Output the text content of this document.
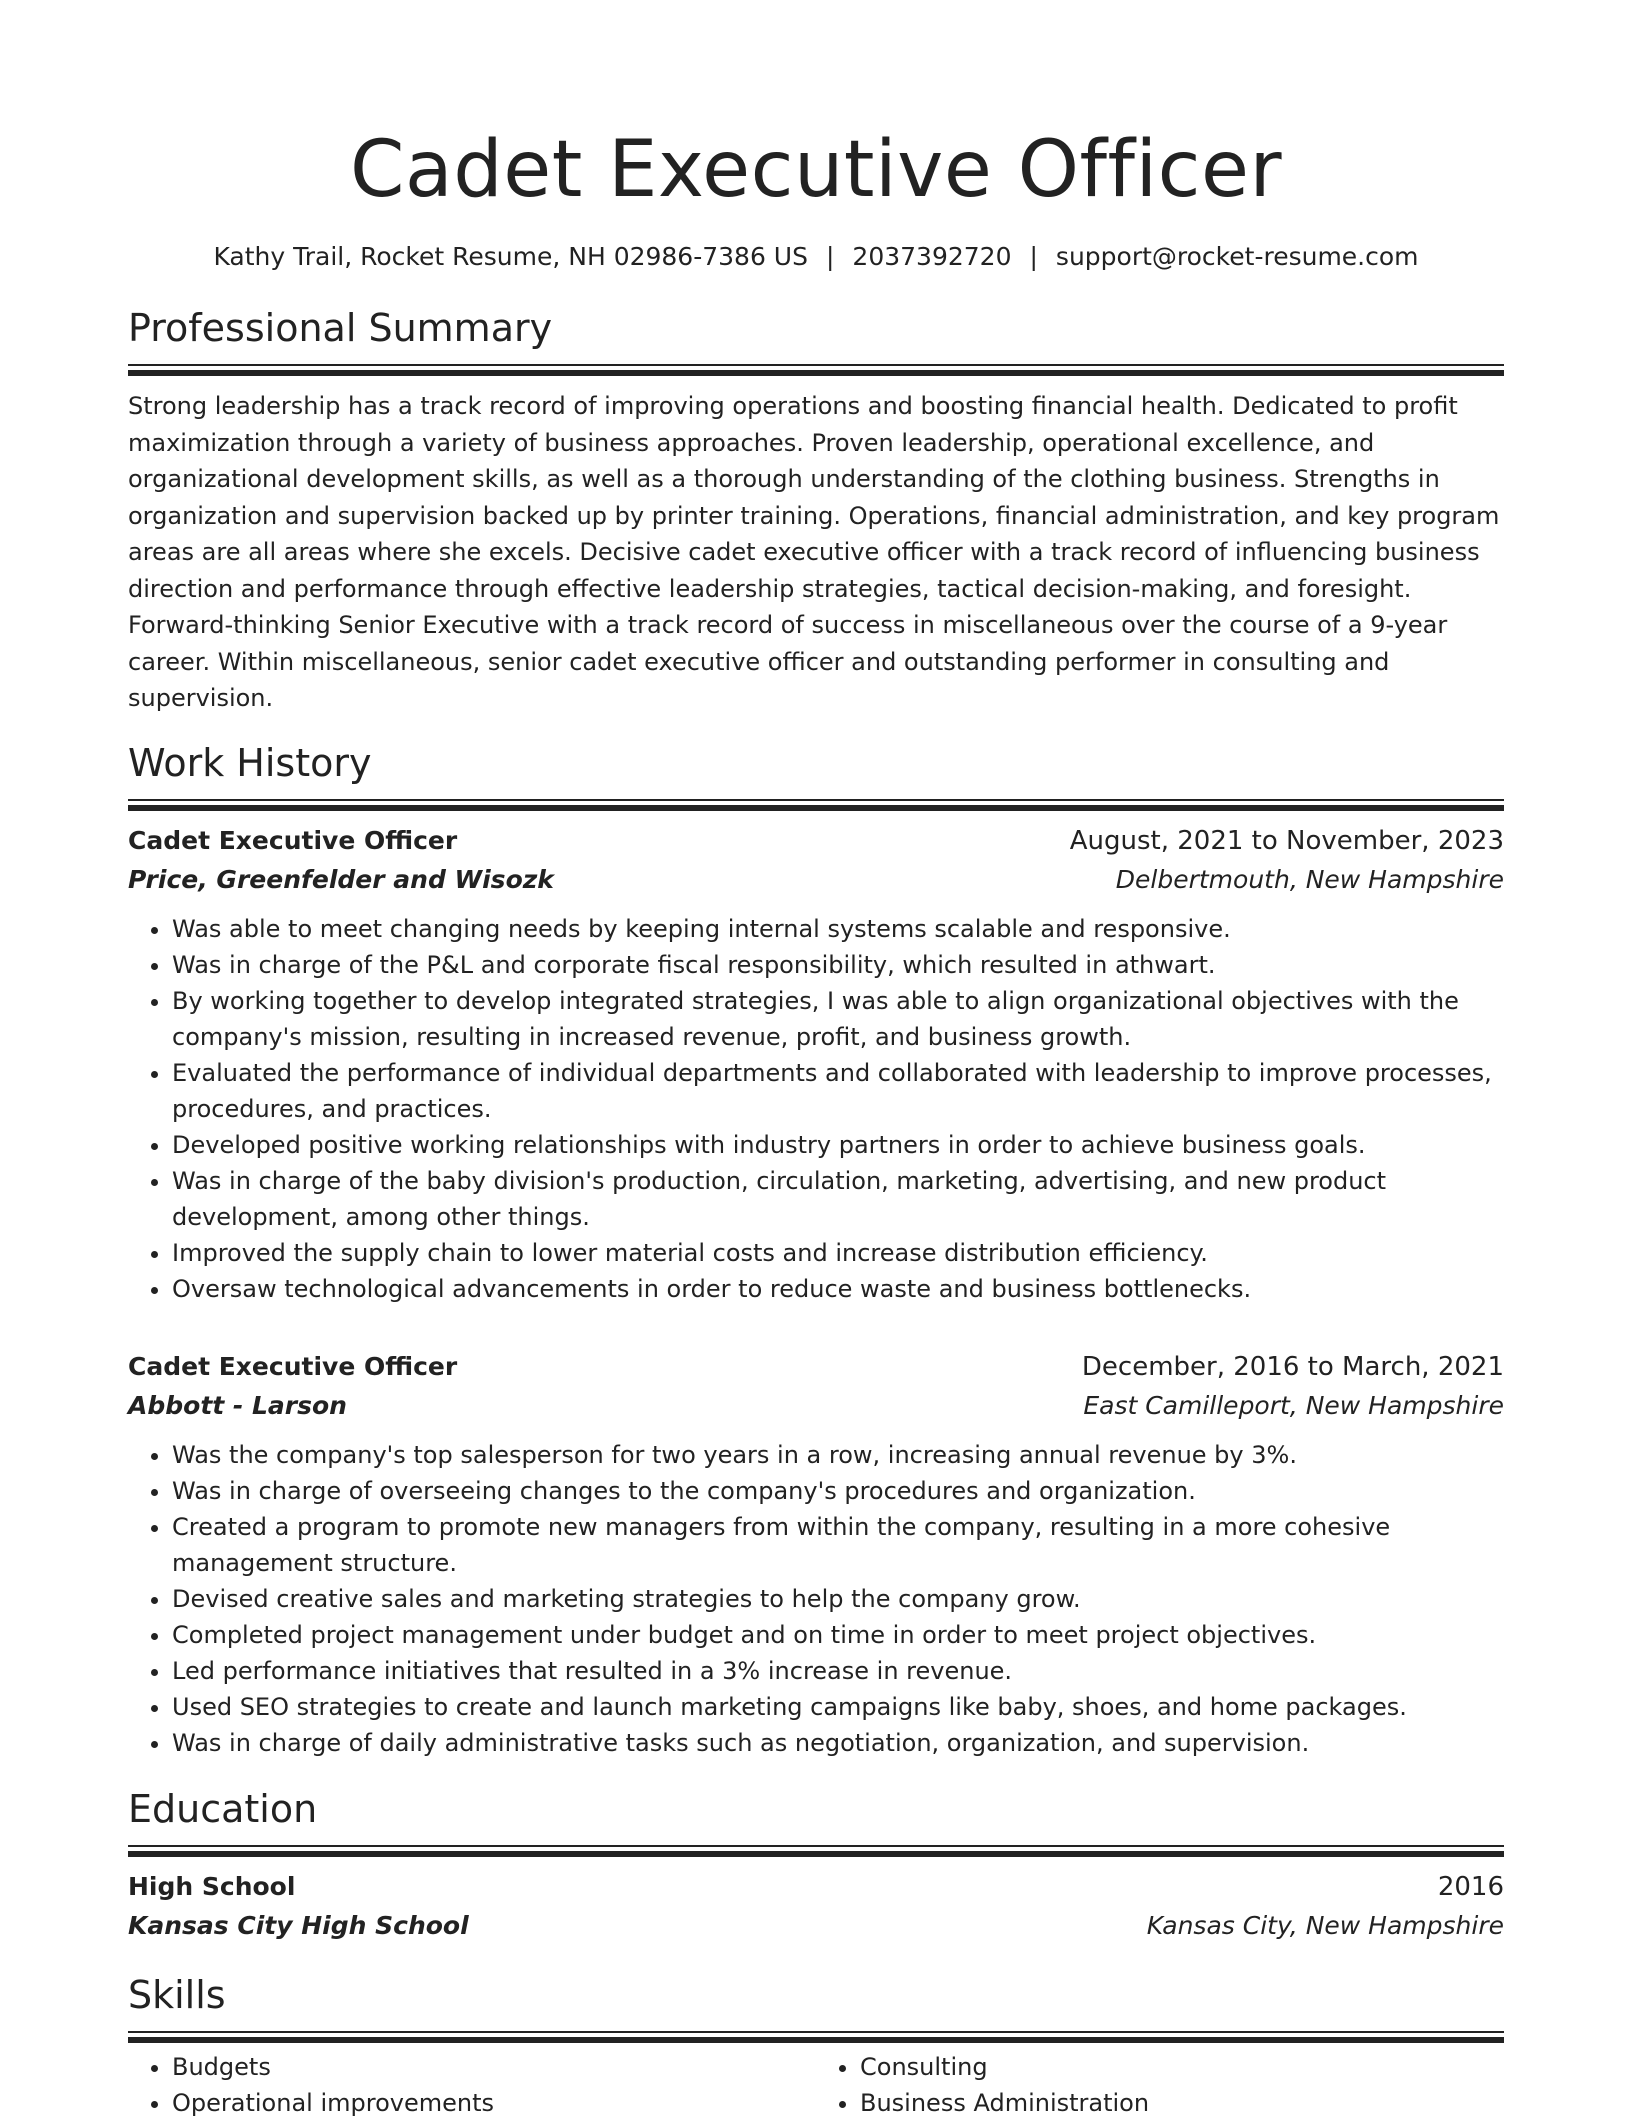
Cadet Executive Officer
Kathy Trail, Rocket Resume, NH 02986-7386 US | 2037392720 | support@rocket-resume.com
Professional Summary
Strong leadership has a track record of improving operations and boosting financial health. Dedicated to profit maximization through a variety of business approaches. Proven leadership, operational excellence, and organizational development skills, as well as a thorough understanding of the clothing business. Strengths in organization and supervision backed up by printer training. Operations, financial administration, and key program areas are all areas where she excels. Decisive cadet executive officer with a track record of influencing business direction and performance through effective leadership strategies, tactical decision-making, and foresight. Forward-thinking Senior Executive with a track record of success in miscellaneous over the course of a 9-year career. Within miscellaneous, senior cadet executive officer and outstanding performer in consulting and supervision.
Work History
Cadet Executive Officer	August, 2021 to November, 2023
Price, Greenfelder and Wisozk	Delbertmouth, New Hampshire
• Was able to meet changing needs by keeping internal systems scalable and responsive.
• Was in charge of the P&L and corporate fiscal responsibility, which resulted in athwart.
• By working together to develop integrated strategies, I was able to align organizational objectives with the company's mission, resulting in increased revenue, profit, and business growth.
• Evaluated the performance of individual departments and collaborated with leadership to improve processes, procedures, and practices.
• Developed positive working relationships with industry partners in order to achieve business goals.
• Was in charge of the baby division's production, circulation, marketing, advertising, and new product development, among other things.
• Improved the supply chain to lower material costs and increase distribution efficiency.
• Oversaw technological advancements in order to reduce waste and business bottlenecks.
Cadet Executive Officer	December, 2016 to March, 2021
Abbott - Larson	East Camilleport, New Hampshire
• Was the company's top salesperson for two years in a row, increasing annual revenue by 3%.
• Was in charge of overseeing changes to the company's procedures and organization.
• Created a program to promote new managers from within the company, resulting in a more cohesive management structure.
• Devised creative sales and marketing strategies to help the company grow.
• Completed project management under budget and on time in order to meet project objectives.
• Led performance initiatives that resulted in a 3% increase in revenue.
• Used SEO strategies to create and launch marketing campaigns like baby, shoes, and home packages.
• Was in charge of daily administrative tasks such as negotiation, organization, and supervision.
Education
High School	2016
Kansas City High School	Kansas City, New Hampshire
Skills
• Budgets
• Operational improvements
• Consulting
• Business Administration
